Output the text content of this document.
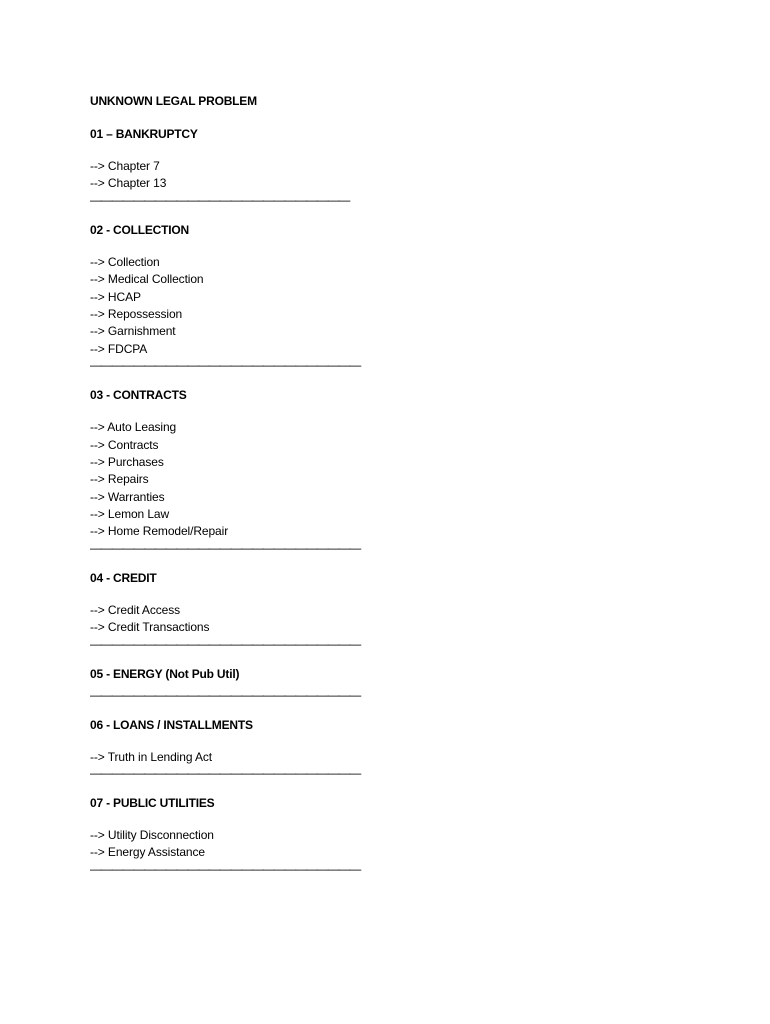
UNKNOWN LEGAL PROBLEM
01 – BANKRUPTCY
--> Chapter 7
--> Chapter 13
————————————————————————
02 - COLLECTION
--> Collection
--> Medical Collection
--> HCAP
--> Repossession
--> Garnishment
--> FDCPA
—————————————————————————
03 - CONTRACTS
--> Auto Leasing
--> Contracts
--> Purchases
--> Repairs
--> Warranties
--> Lemon Law
--> Home Remodel/Repair
—————————————————————————
04 - CREDIT
--> Credit Access
--> Credit Transactions
—————————————————————————
05 - ENERGY (Not Pub Util)
—————————————————————————
06 - LOANS / INSTALLMENTS
--> Truth in Lending Act
—————————————————————————
07 - PUBLIC UTILITIES
--> Utility Disconnection
--> Energy Assistance
—————————————————————————
